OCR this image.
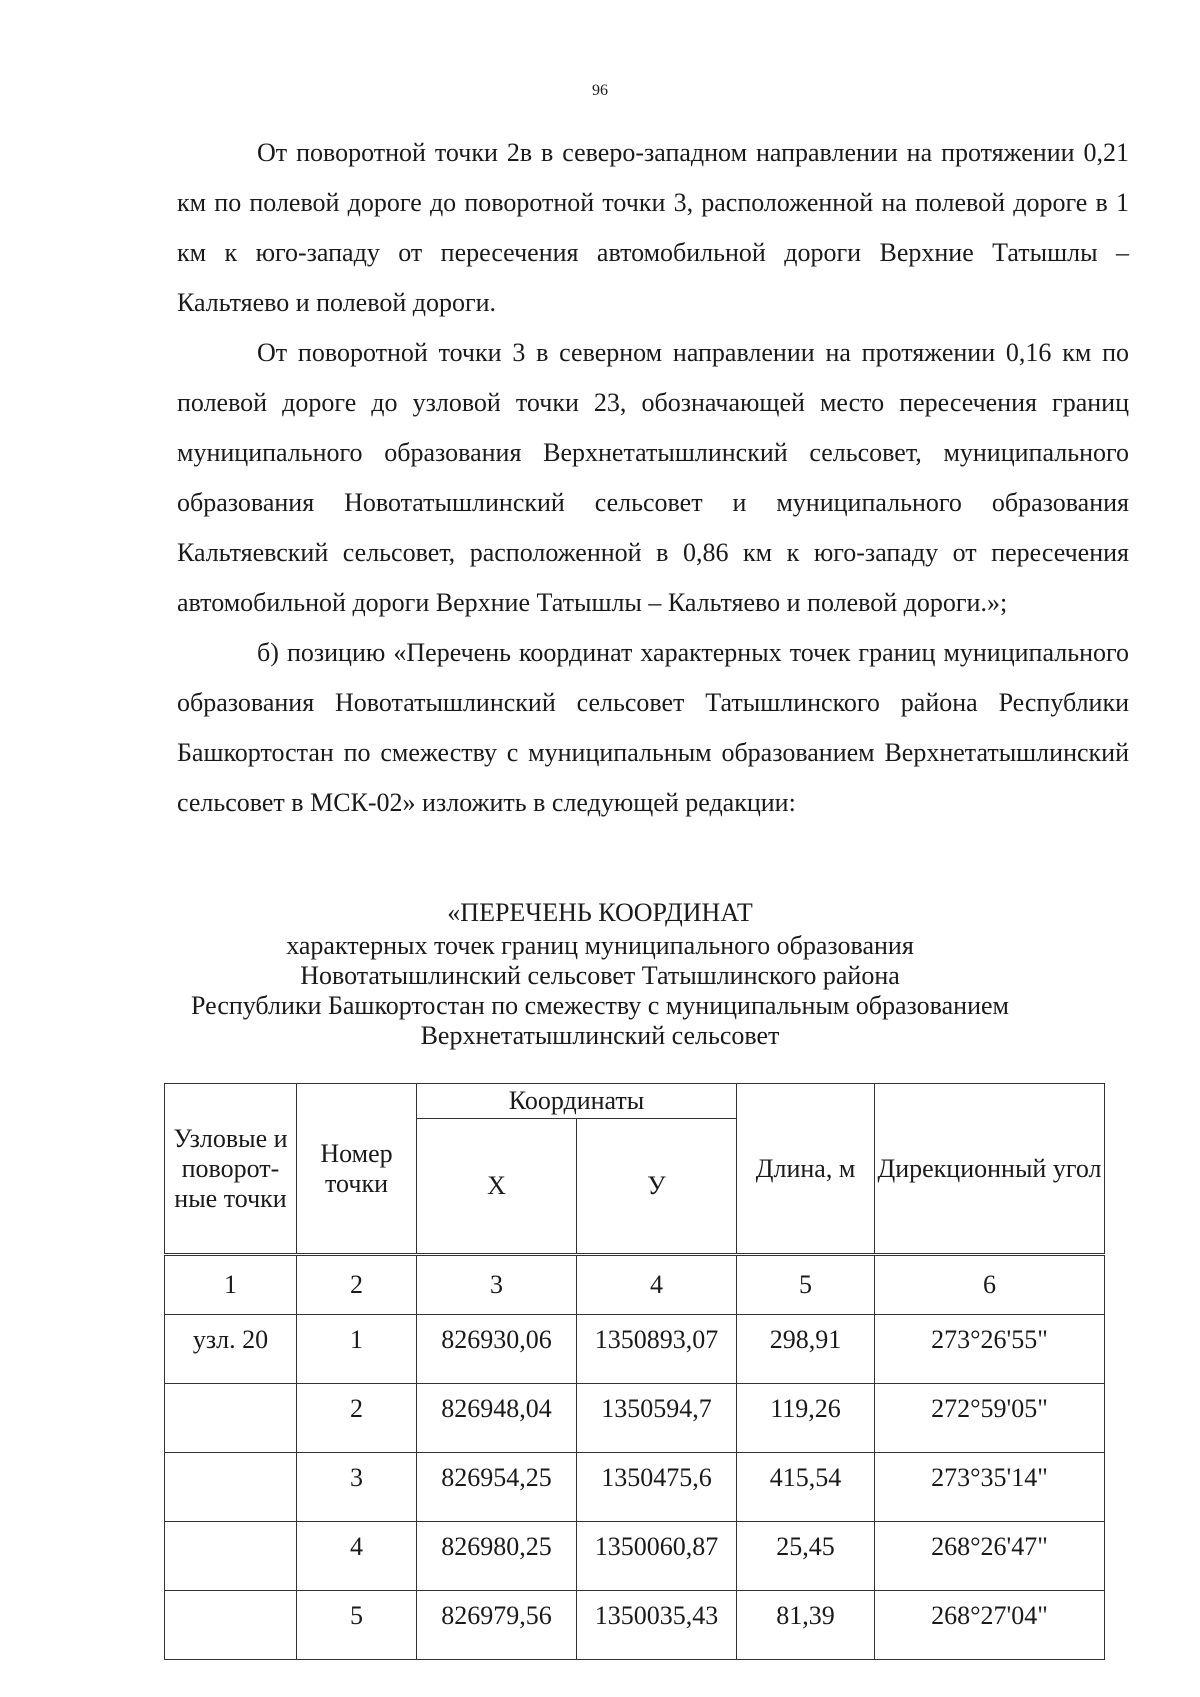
96

От поворотной точки 2в в северо-западном направлении на протяжении 0,21 км по полевой дороге до поворотной точки 3, расположенной на полевой дороге в 1 км к юго-западу от пересечения автомобильной дороги Верхние Татышлы – Кальтяево и полевой дороги.

От поворотной точки 3 в северном направлении на протяжении 0,16 км по полевой дороге до узловой точки 23, обозначающей место пересечения границ муниципального образования Верхнетатышлинский сельсовет, муниципального образования Новотатышлинский сельсовет и муниципального образования Кальтяевский сельсовет, расположенной в 0,86 км к юго-западу от пересечения автомобильной дороги Верхние Татышлы – Кальтяево и полевой дороги.»;

б) позицию «Перечень координат характерных точек границ муниципального образования Новотатышлинский сельсовет Татышлинского района Республики Башкортостан по смежеству с муниципальным образованием Верхнетатышлинский сельсовет в МСК-02» изложить в следующей редакции:

«ПЕРЕЧЕНЬ КООРДИНАТ
характерных точек границ муниципального образования
Новотатышлинский сельсовет Татышлинского района
Республики Башкортостан по смежеству с муниципальным образованием
Верхнетатышлинский сельсовет
Узловые и поворот-ные точки	Номер точки	Координаты		Длина, м	Дирекционный угол
		X	У		
1	2	3	4	5	6
узл. 20	1	826930,06	1350893,07	298,91	273°26'55"
	2	826948,04	1350594,7	119,26	272°59'05"
	3	826954,25	1350475,6	415,54	273°35'14"
	4	826980,25	1350060,87	25,45	268°26'47"
	5	826979,56	1350035,43	81,39	268°27'04"
